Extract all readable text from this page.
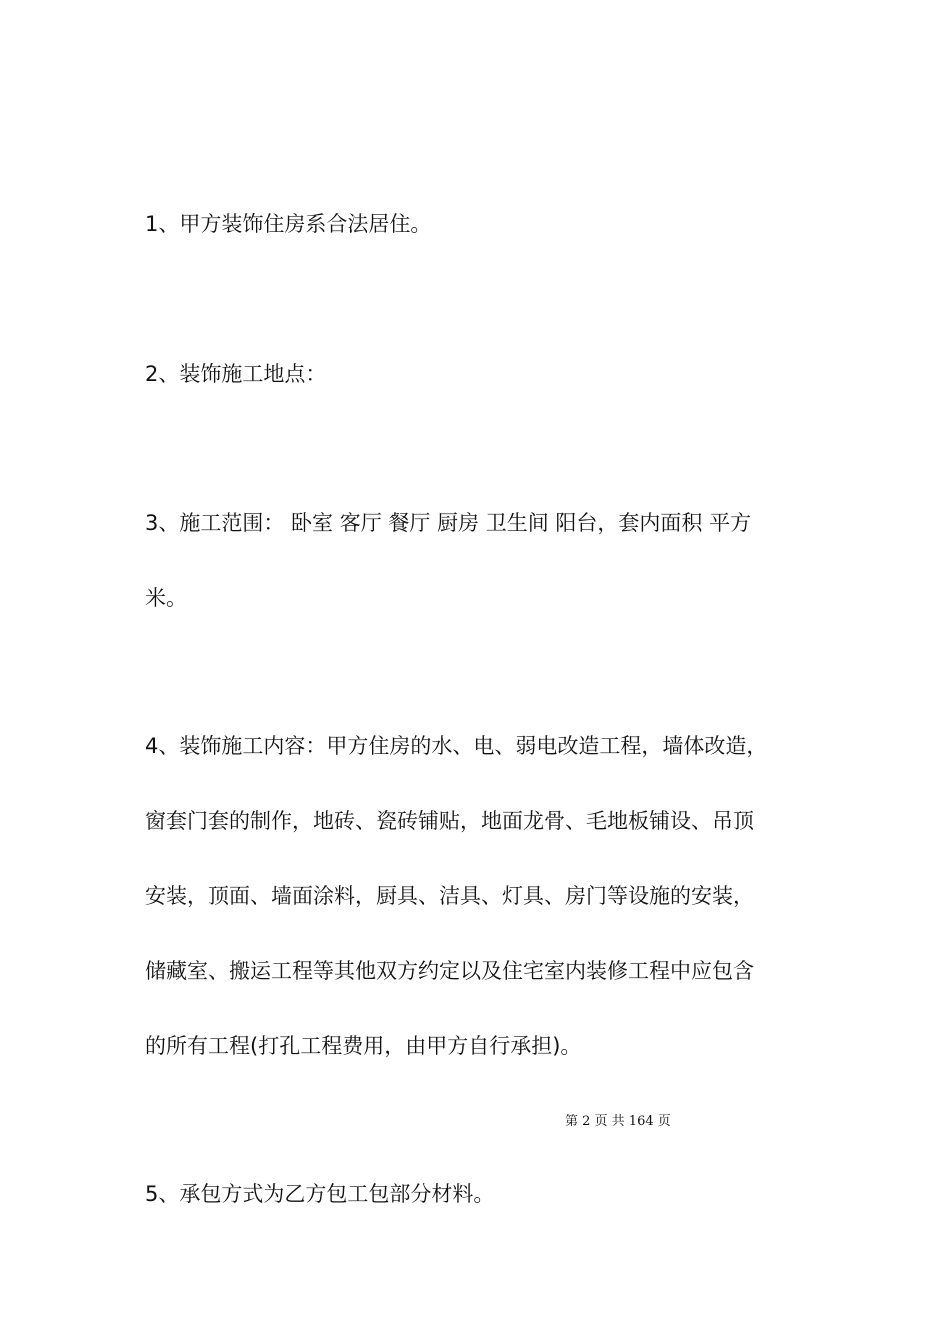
1、甲方装饰住房系合法居住。

2、装饰施工地点：

3、施工范围： 卧室 客厅 餐厅 厨房 卫生间 阳台，套内面积 平方
米。

4、装饰施工内容：甲方住房的水、电、弱电改造工程，墙体改造，
窗套门套的制作，地砖、瓷砖铺贴，地面龙骨、毛地板铺设、吊顶
安装，顶面、墙面涂料，厨具、洁具、灯具、房门等设施的安装，
储藏室、搬运工程等其他双方约定以及住宅室内装修工程中应包含
的所有工程(打孔工程费用，由甲方自行承担)。

第 2 页 共 164 页

5、承包方式为乙方包工包部分材料。
